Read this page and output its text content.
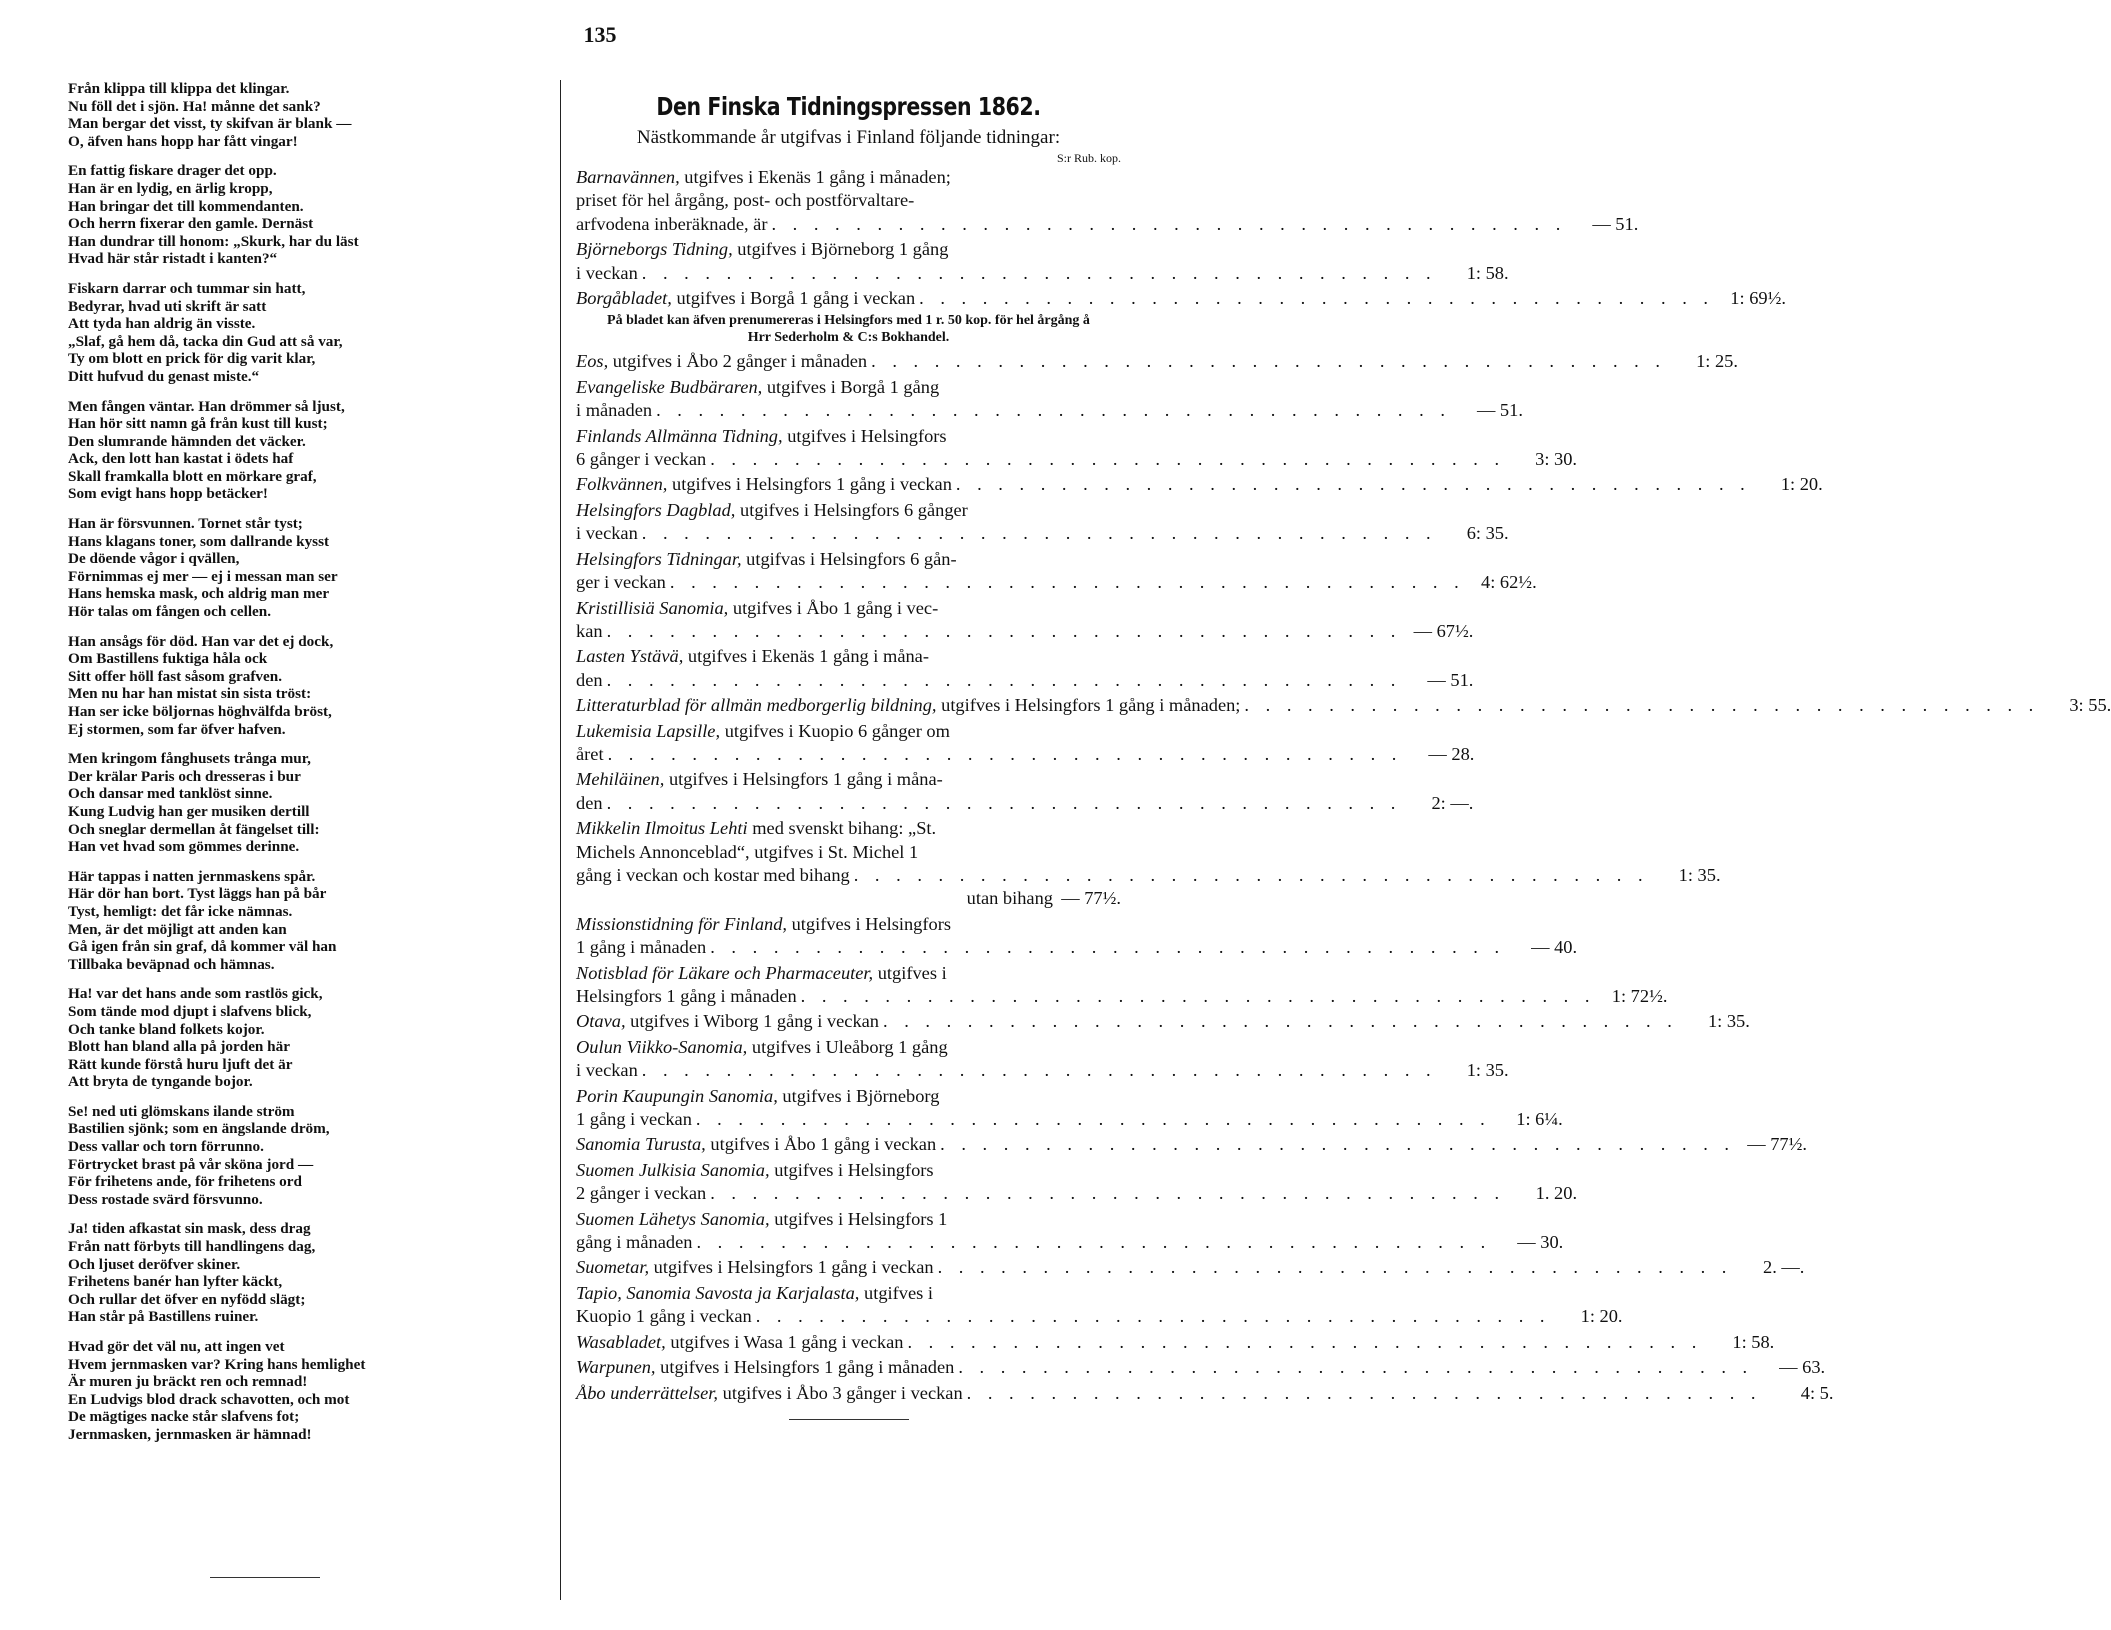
135
Från klippa till klippa det klingar.
Nu föll det i sjön. Ha! månne det sank?
Man bergar det visst, ty skifvan är blank —
O, äfven hans hopp har fått vingar!
En fattig fiskare drager det opp.
Han är en lydig, en ärlig kropp,
Han bringar det till kommendanten.
Och herrn fixerar den gamle. Dernäst
Han dundrar till honom: „Skurk, har du läst
Hvad här står ristadt i kanten?“
Fiskarn darrar och tummar sin hatt,
Bedyrar, hvad uti skrift är satt
Att tyda han aldrig än visste.
„Slaf, gå hem då, tacka din Gud att så var,
Ty om blott en prick för dig varit klar,
Ditt hufvud du genast miste.“
Men fången väntar. Han drömmer så ljust,
Han hör sitt namn gå från kust till kust;
Den slumrande hämnden det väcker.
Ack, den lott han kastat i ödets haf
Skall framkalla blott en mörkare graf,
Som evigt hans hopp betäcker!
Han är försvunnen. Tornet står tyst;
Hans klagans toner, som dallrande kysst
De döende vågor i qvällen,
Förnimmas ej mer — ej i messan man ser
Hans hemska mask, och aldrig man mer
Hör talas om fången och cellen.
Han ansågs för död. Han var det ej dock,
Om Bastillens fuktiga håla ock
Sitt offer höll fast såsom grafven.
Men nu har han mistat sin sista tröst:
Han ser icke böljornas höghvälfda bröst,
Ej stormen, som far öfver hafven.
Men kringom fånghusets trånga mur,
Der krälar Paris och dresseras i bur
Och dansar med tanklöst sinne.
Kung Ludvig han ger musiken dertill
Och sneglar dermellan åt fängelset till:
Han vet hvad som gömmes derinne.
Här tappas i natten jernmaskens spår.
Här dör han bort. Tyst läggs han på bår
Tyst, hemligt: det får icke nämnas.
Men, är det möjligt att anden kan
Gå igen från sin graf, då kommer väl han
Tillbaka beväpnad och hämnas.
Ha! var det hans ande som rastlös gick,
Som tände mod djupt i slafvens blick,
Och tanke bland folkets kojor.
Blott han bland alla på jorden här
Rätt kunde förstå huru ljuft det är
Att bryta de tyngande bojor.
Se! ned uti glömskans ilande ström
Bastilien sjönk; som en ängslande dröm,
Dess vallar och torn förrunno.
Förtrycket brast på vår sköna jord —
För frihetens ande, för frihetens ord
Dess rostade svärd försvunno.
Ja! tiden afkastat sin mask, dess drag
Från natt förbyts till handlingens dag,
Och ljuset deröfver skiner.
Frihetens banér han lyfter käckt,
Och rullar det öfver en nyfödd slägt;
Han står på Bastillens ruiner.
Hvad gör det väl nu, att ingen vet
Hvem jernmasken var? Kring hans hemlighet
Är muren ju bräckt ren och remnad!
En Ludvigs blod drack schavotten, och mot
De mägtiges nacke står slafvens fot;
Jernmasken, jernmasken är hämnad!
Den Finska Tidningspressen 1862.
Nästkommande år utgifvas i Finland följande tidningar:
S:r Rub. kop.
Barnavännen, utgifves i Ekenäs 1 gång i månaden;
priset för hel årgång, post- och postförvaltare-
arfvodena inberäknade, är . . . . . . . . . . . . . . . . . . . . . . . . . . . . . . . . . . . . . .	— 51.
Björneborgs Tidning, utgifves i Björneborg 1 gång
i veckan . . . . . . . . . . . . . . . . . . . . . . . . . . . . . . . . . . . . . .	1: 58.
Borgåbladet, utgifves i Borgå 1 gång i veckan . . . . . . . . . . . . . . . . . . . . . . . . . . . . . . . . . . . . . . 1: 69½.
På bladet kan äfven prenumereras i Helsingfors med 1 r. 50 kop. för hel årgång å Hrr Sederholm & C:s Bokhandel.
Eos, utgifves i Åbo 2 gånger i månaden . . . . . . . . . . . . . . . . . . . . . . . . . . . . . . . . . . . . . .	1: 25.
Evangeliske Budbäraren, utgifves i Borgå 1 gång
i månaden . . . . . . . . . . . . . . . . . . . . . . . . . . . . . . . . . . . . . .	— 51.
Finlands Allmänna Tidning, utgifves i Helsingfors
6 gånger i veckan . . . . . . . . . . . . . . . . . . . . . . . . . . . . . . . . . . . . . .	3: 30.
Folkvännen, utgifves i Helsingfors 1 gång i veckan . . . . . . . . . . . . . . . . . . . . . . . . . . . . . . . . . . . . . .	1: 20.
Helsingfors Dagblad, utgifves i Helsingfors 6 gånger
i veckan . . . . . . . . . . . . . . . . . . . . . . . . . . . . . . . . . . . . . .	6: 35.
Helsingfors Tidningar, utgifvas i Helsingfors 6 gån-
ger i veckan . . . . . . . . . . . . . . . . . . . . . . . . . . . . . . . . . . . . . . 4: 62½.
Kristillisiä Sanomia, utgifves i Åbo 1 gång i vec-
kan . . . . . . . . . . . . . . . . . . . . . . . . . . . . . . . . . . . . . . — 67½.
Lasten Ystävä, utgifves i Ekenäs 1 gång i måna-
den . . . . . . . . . . . . . . . . . . . . . . . . . . . . . . . . . . . . . .	— 51.
Litteraturblad för allmän medborgerlig bildning, utgifves i Helsingfors 1 gång i månaden; . . . . . . . . . . . . . . . . . . . . . . . . . . . . . . . . . . . . . .	3: 55.
Lukemisia Lapsille, utgifves i Kuopio 6 gånger om
året . . . . . . . . . . . . . . . . . . . . . . . . . . . . . . . . . . . . . .	— 28.
Mehiläinen, utgifves i Helsingfors 1 gång i måna-
den . . . . . . . . . . . . . . . . . . . . . . . . . . . . . . . . . . . . . .	2: —.
Mikkelin Ilmoitus Lehti med svenskt bihang: „St.
Michels Annonceblad“, utgifves i St. Michel 1
gång i veckan och kostar med bihang . . . . . . . . . . . . . . . . . . . . . . . . . . . . . . . . . . . . . .	1: 35.
utan bihang — 77½.
Missionstidning för Finland, utgifves i Helsingfors
1 gång i månaden . . . . . . . . . . . . . . . . . . . . . . . . . . . . . . . . . . . . . .	— 40.
Notisblad för Läkare och Pharmaceuter, utgifves i
Helsingfors 1 gång i månaden . . . . . . . . . . . . . . . . . . . . . . . . . . . . . . . . . . . . . . 1: 72½.
Otava, utgifves i Wiborg 1 gång i veckan . . . . . . . . . . . . . . . . . . . . . . . . . . . . . . . . . . . . . .	1: 35.
Oulun Viikko-Sanomia, utgifves i Uleåborg 1 gång
i veckan . . . . . . . . . . . . . . . . . . . . . . . . . . . . . . . . . . . . . .	1: 35.
Porin Kaupungin Sanomia, utgifves i Björneborg
1 gång i veckan . . . . . . . . . . . . . . . . . . . . . . . . . . . . . . . . . . . . . .	1: 6¼.
Sanomia Turusta, utgifves i Åbo 1 gång i veckan . . . . . . . . . . . . . . . . . . . . . . . . . . . . . . . . . . . . . . — 77½.
Suomen Julkisia Sanomia, utgifves i Helsingfors
2 gånger i veckan . . . . . . . . . . . . . . . . . . . . . . . . . . . . . . . . . . . . . .	1. 20.
Suomen Lähetys Sanomia, utgifves i Helsingfors 1
gång i månaden . . . . . . . . . . . . . . . . . . . . . . . . . . . . . . . . . . . . . .	— 30.
Suometar, utgifves i Helsingfors 1 gång i veckan . . . . . . . . . . . . . . . . . . . . . . . . . . . . . . . . . . . . . .	2. —.
Tapio, Sanomia Savosta ja Karjalasta, utgifves i
Kuopio 1 gång i veckan . . . . . . . . . . . . . . . . . . . . . . . . . . . . . . . . . . . . . .	1: 20.
Wasabladet, utgifves i Wasa 1 gång i veckan . . . . . . . . . . . . . . . . . . . . . . . . . . . . . . . . . . . . . .	1: 58.
Warpunen, utgifves i Helsingfors 1 gång i månaden . . . . . . . . . . . . . . . . . . . . . . . . . . . . . . . . . . . . . .	— 63.
Åbo underrättelser, utgifves i Åbo 3 gånger i veckan . . . . . . . . . . . . . . . . . . . . . . . . . . . . . . . . . . . . . .	4: 5.
